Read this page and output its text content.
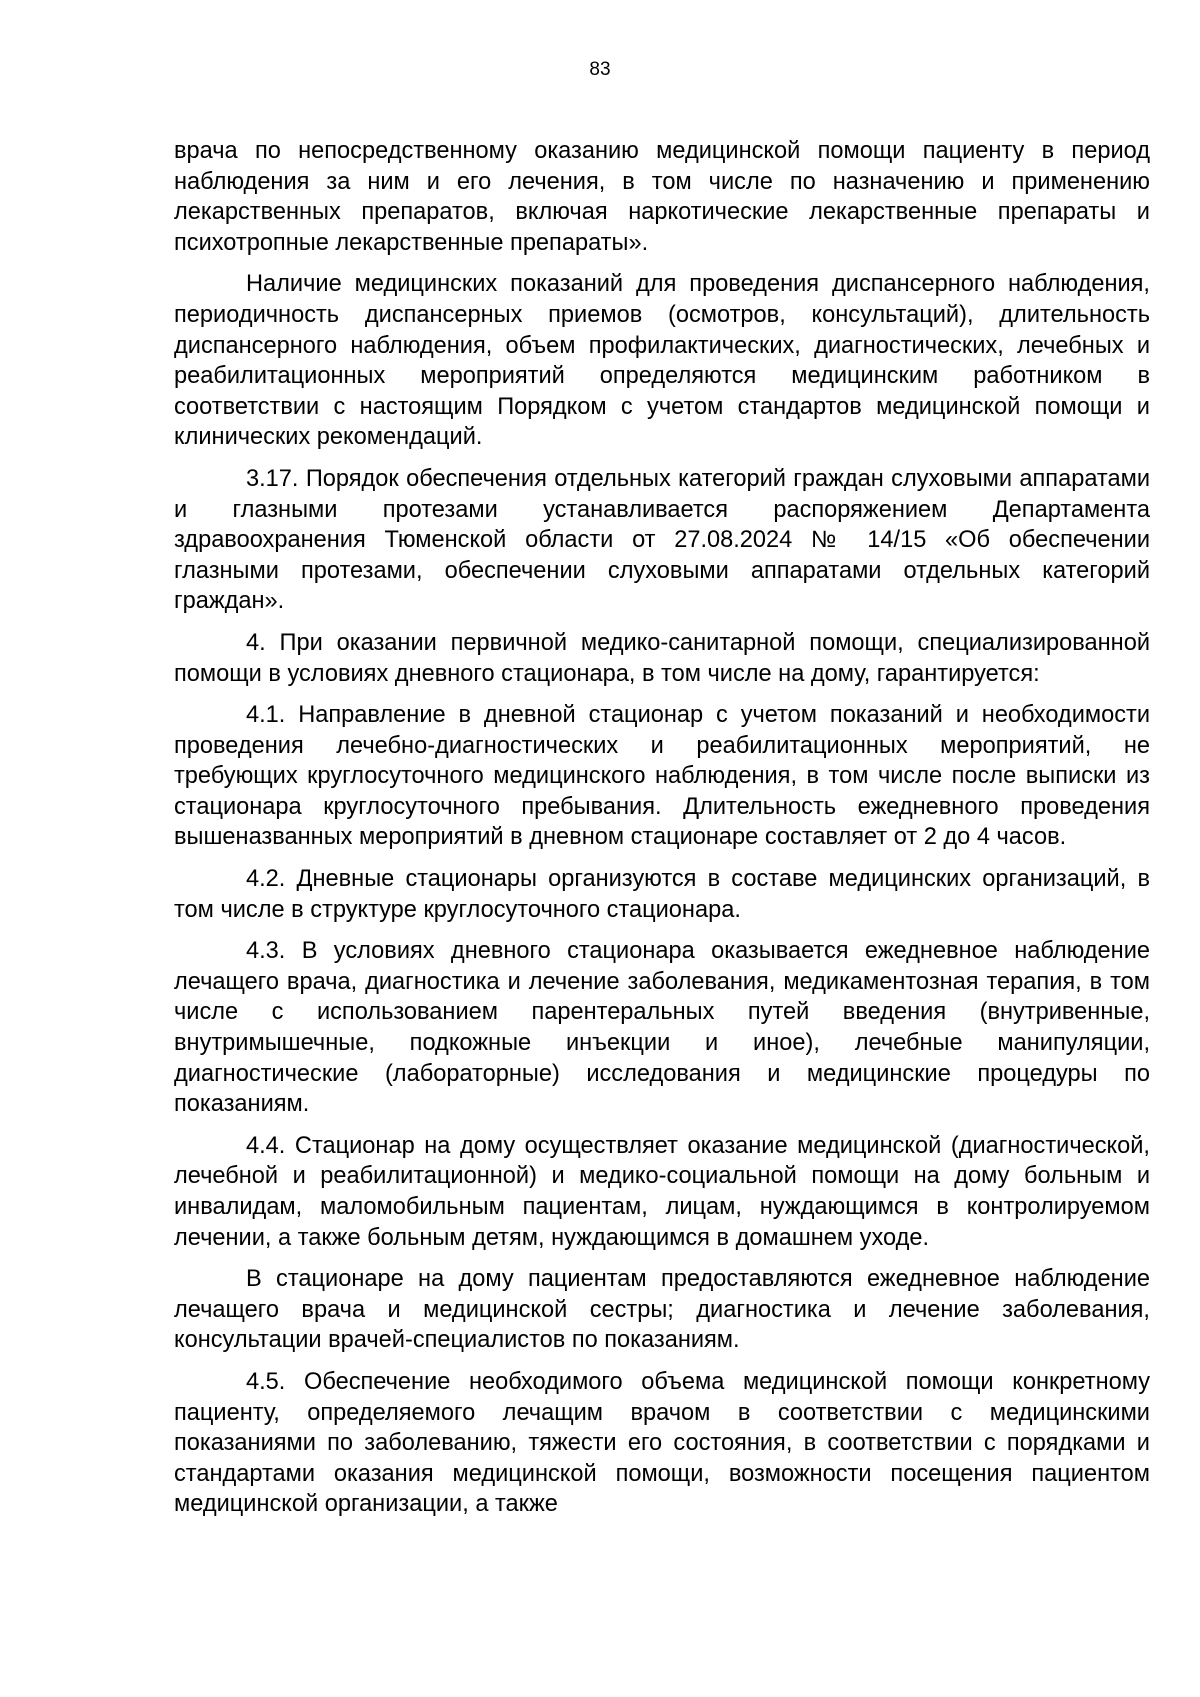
83

врача по непосредственному оказанию медицинской помощи пациенту в период наблюдения за ним и его лечения, в том числе по назначению и применению лекарственных препаратов, включая наркотические лекарственные препараты и психотропные лекарственные препараты».

Наличие медицинских показаний для проведения диспансерного наблюдения, периодичность диспансерных приемов (осмотров, консультаций), длительность диспансерного наблюдения, объем профилактических, диагностических, лечебных и реабилитационных мероприятий определяются медицинским работником в соответствии с настоящим Порядком с учетом стандартов медицинской помощи и клинических рекомендаций.

3.17. Порядок обеспечения отдельных категорий граждан слуховыми аппаратами и глазными протезами устанавливается распоряжением Департамента здравоохранения Тюменской области от 27.08.2024 № 14/15 «Об обеспечении глазными протезами, обеспечении слуховыми аппаратами отдельных категорий граждан».

4. При оказании первичной медико-санитарной помощи, специализированной помощи в условиях дневного стационара, в том числе на дому, гарантируется:

4.1. Направление в дневной стационар с учетом показаний и необходимости проведения лечебно-диагностических и реабилитационных мероприятий, не требующих круглосуточного медицинского наблюдения, в том числе после выписки из стационара круглосуточного пребывания. Длительность ежедневного проведения вышеназванных мероприятий в дневном стационаре составляет от 2 до 4 часов.

4.2. Дневные стационары организуются в составе медицинских организаций, в том числе в структуре круглосуточного стационара.

4.3. В условиях дневного стационара оказывается ежедневное наблюдение лечащего врача, диагностика и лечение заболевания, медикаментозная терапия, в том числе с использованием парентеральных путей введения (внутривенные, внутримышечные, подкожные инъекции и иное), лечебные манипуляции, диагностические (лабораторные) исследования и медицинские процедуры по показаниям.

4.4. Стационар на дому осуществляет оказание медицинской (диагностической, лечебной и реабилитационной) и медико-социальной помощи на дому больным и инвалидам, маломобильным пациентам, лицам, нуждающимся в контролируемом лечении, а также больным детям, нуждающимся в домашнем уходе.

В стационаре на дому пациентам предоставляются ежедневное наблюдение лечащего врача и медицинской сестры; диагностика и лечение заболевания, консультации врачей-специалистов по показаниям.

4.5. Обеспечение необходимого объема медицинской помощи конкретному пациенту, определяемого лечащим врачом в соответствии с медицинскими показаниями по заболеванию, тяжести его состояния, в соответствии с порядками и стандартами оказания медицинской помощи, возможности посещения пациентом медицинской организации, а также
